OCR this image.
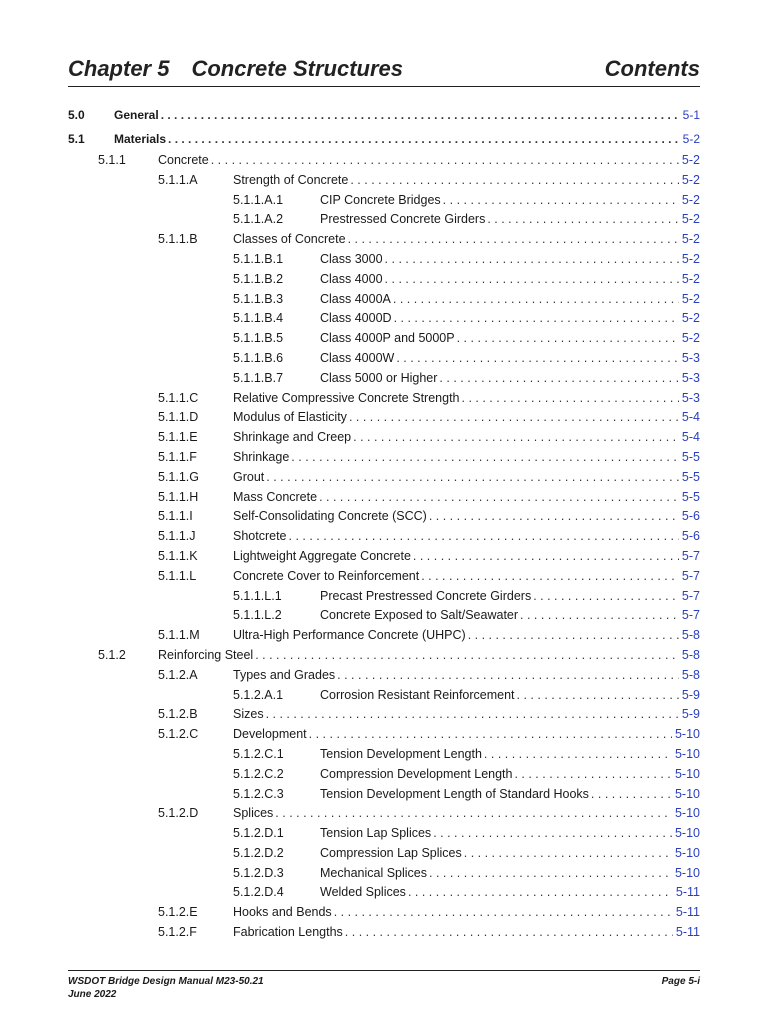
Chapter 5 Concrete Structures	Contents
5.0 General . . .	5-1
5.1 Materials . . .	5-2
5.1.1	Concrete . . .	5-2
5.1.1.A	Strength of Concrete . . .	5-2
5.1.1.A.1	CIP Concrete Bridges . . .	5-2
5.1.1.A.2	Prestressed Concrete Girders . . .	5-2
5.1.1.B	Classes of Concrete . . .	5-2
5.1.1.B.1	Class 3000 . . .	5-2
5.1.1.B.2	Class 4000 . . .	5-2
5.1.1.B.3	Class 4000A . . .	5-2
5.1.1.B.4	Class 4000D . . .	5-2
5.1.1.B.5	Class 4000P and 5000P . . .	5-2
5.1.1.B.6	Class 4000W . . .	5-3
5.1.1.B.7	Class 5000 or Higher . . .	5-3
5.1.1.C	Relative Compressive Concrete Strength . . .	5-3
5.1.1.D	Modulus of Elasticity . . .	5-4
5.1.1.E	Shrinkage and Creep . . .	5-4
5.1.1.F	Shrinkage . . .	5-5
5.1.1.G	Grout . . .	5-5
5.1.1.H	Mass Concrete . . .	5-5
5.1.1.I	Self-Consolidating Concrete (SCC) . . .	5-6
5.1.1.J	Shotcrete . . .	5-6
5.1.1.K	Lightweight Aggregate Concrete . . .	5-7
5.1.1.L	Concrete Cover to Reinforcement . . .	5-7
5.1.1.L.1	Precast Prestressed Concrete Girders . . .	5-7
5.1.1.L.2	Concrete Exposed to Salt/Seawater . . .	5-7
5.1.1.M	Ultra-High Performance Concrete (UHPC) . . .	5-8
5.1.2	Reinforcing Steel . . .	5-8
5.1.2.A	Types and Grades . . .	5-8
5.1.2.A.1	Corrosion Resistant Reinforcement . . .	5-9
5.1.2.B	Sizes . . .	5-9
5.1.2.C	Development . . .	5-10
5.1.2.C.1	Tension Development Length . . .	5-10
5.1.2.C.2	Compression Development Length . . .	5-10
5.1.2.C.3	Tension Development Length of Standard Hooks . . .	5-10
5.1.2.D	Splices . . .	5-10
5.1.2.D.1	Tension Lap Splices . . .	5-10
5.1.2.D.2	Compression Lap Splices . . .	5-10
5.1.2.D.3	Mechanical Splices . . .	5-10
5.1.2.D.4	Welded Splices . . .	5-11
5.1.2.E	Hooks and Bends . . .	5-11
5.1.2.F	Fabrication Lengths . . .	5-11
WSDOT Bridge Design Manual M23-50.21
June 2022
Page 5-i
